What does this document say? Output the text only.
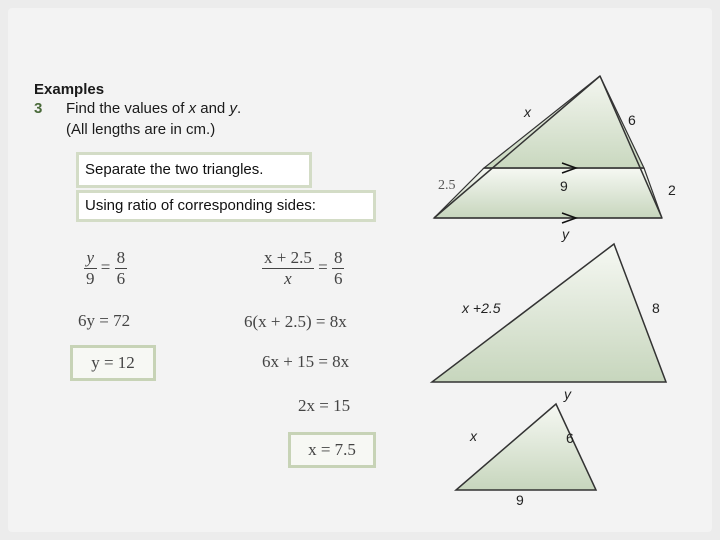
Examples
3 Find the values of x and y.
(All lengths are in cm.)
Separate the two triangles.
Using ratio of corresponding sides:
$\frac{y}{9} = \frac{8}{6}$
6y = 72
y = 12
$\frac{x + 2.5}{x} = \frac{8}{6}$
6(x + 2.5) = 8x
6x + 15 = 8x
2x = 15
x = 7.5
x	6
2.5	9	2
y
x +2.5	8
y
x	6
9
